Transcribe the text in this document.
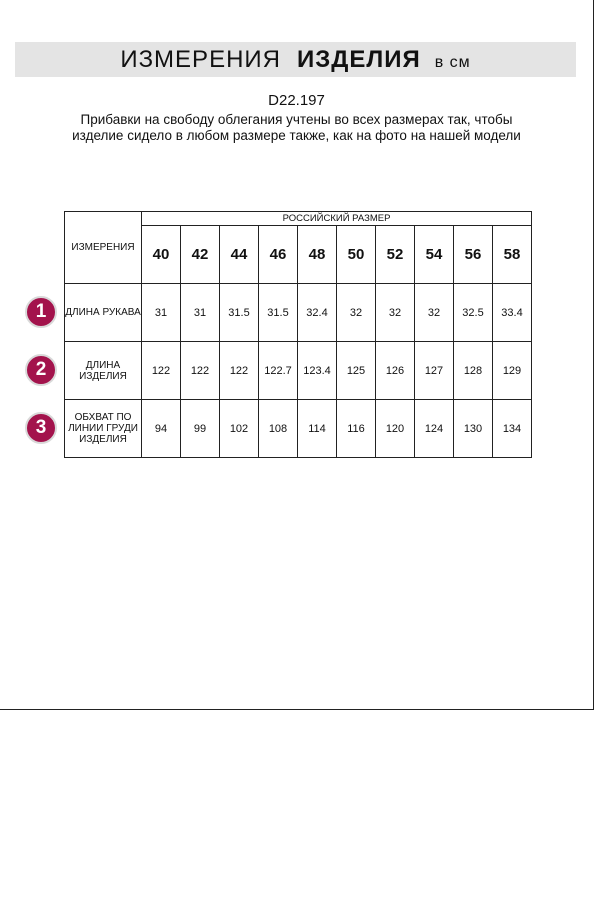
ИЗМЕРЕНИЯ ИЗДЕЛИЯ в см
D22.197
Прибавки на свободу облегания учтены во всех размерах так, чтобы изделие сидело в любом размере также, как на фото на нашей модели
ИЗМЕРЕНИЯ	РОССИЙСКИЙ РАЗМЕР									
	40	42	44	46	48	50	52	54	56	58
ДЛИНА РУКАВА	31	31	31.5	31.5	32.4	32	32	32	32.5	33.4
ДЛИНА ИЗДЕЛИЯ	122	122	122	122.7	123.4	125	126	127	128	129
ОБХВАТ ПО ЛИНИИ ГРУДИ ИЗДЕЛИЯ	94	99	102	108	114	116	120	124	130	134
1
2
3
